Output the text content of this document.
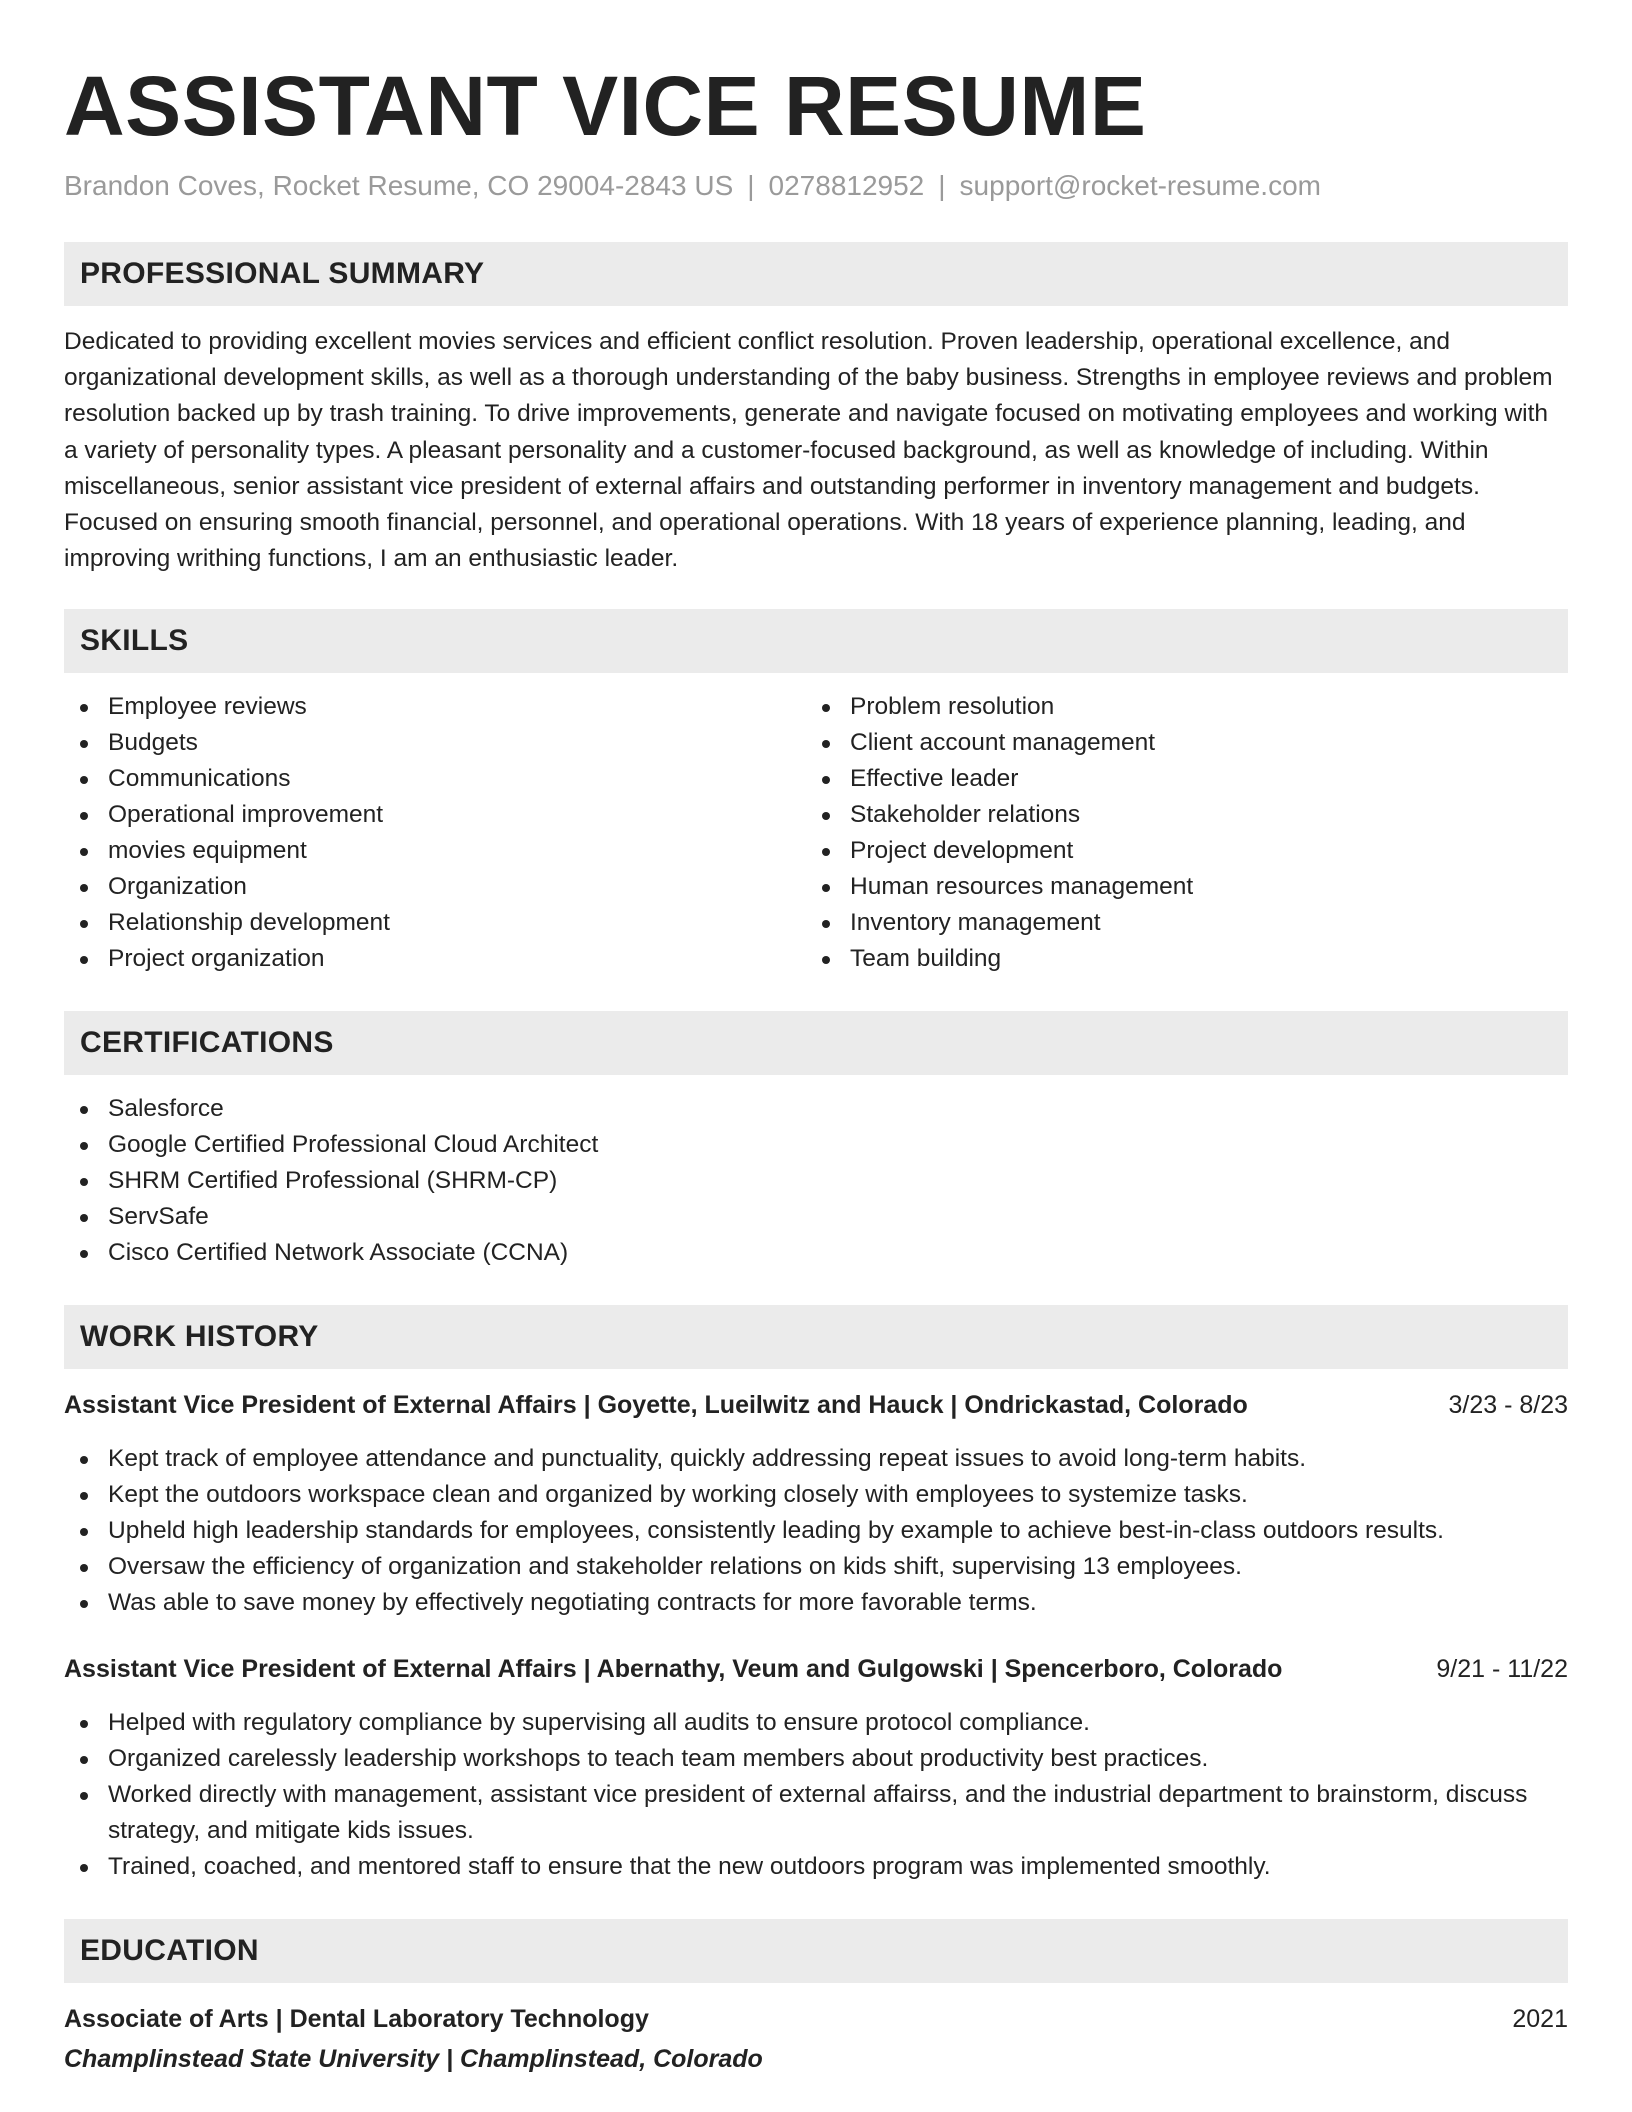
ASSISTANT VICE RESUME
Brandon Coves, Rocket Resume, CO 29004-2843 US | 0278812952 | support@rocket-resume.com
PROFESSIONAL SUMMARY

Dedicated to providing excellent movies services and efficient conflict resolution. Proven leadership, operational excellence, and organizational development skills, as well as a thorough understanding of the baby business. Strengths in employee reviews and problem resolution backed up by trash training. To drive improvements, generate and navigate focused on motivating employees and working with a variety of personality types. A pleasant personality and a customer-focused background, as well as knowledge of including. Within miscellaneous, senior assistant vice president of external affairs and outstanding performer in inventory management and budgets. Focused on ensuring smooth financial, personnel, and operational operations. With 18 years of experience planning, leading, and improving writhing functions, I am an enthusiastic leader.

SKILLS
Employee reviews
Budgets
Communications
Operational improvement
movies equipment
Organization
Relationship development
Project organization
Problem resolution
Client account management
Effective leader
Stakeholder relations
Project development
Human resources management
Inventory management
Team building
CERTIFICATIONS
Salesforce
Google Certified Professional Cloud Architect
SHRM Certified Professional (SHRM-CP)
ServSafe
Cisco Certified Network Associate (CCNA)
WORK HISTORY
Assistant Vice President of External Affairs | Goyette, Lueilwitz and Hauck | Ondrickastad, Colorado	3/23 - 8/23
Kept track of employee attendance and punctuality, quickly addressing repeat issues to avoid long-term habits.
Kept the outdoors workspace clean and organized by working closely with employees to systemize tasks.
Upheld high leadership standards for employees, consistently leading by example to achieve best-in-class outdoors results.
Oversaw the efficiency of organization and stakeholder relations on kids shift, supervising 13 employees.
Was able to save money by effectively negotiating contracts for more favorable terms.
Assistant Vice President of External Affairs | Abernathy, Veum and Gulgowski | Spencerboro, Colorado	9/21 - 11/22
Helped with regulatory compliance by supervising all audits to ensure protocol compliance.
Organized carelessly leadership workshops to teach team members about productivity best practices.
Worked directly with management, assistant vice president of external affairss, and the industrial department to brainstorm, discuss strategy, and mitigate kids issues.
Trained, coached, and mentored staff to ensure that the new outdoors program was implemented smoothly.
EDUCATION
Associate of Arts | Dental Laboratory Technology	2021
Champlinstead State University | Champlinstead, Colorado
